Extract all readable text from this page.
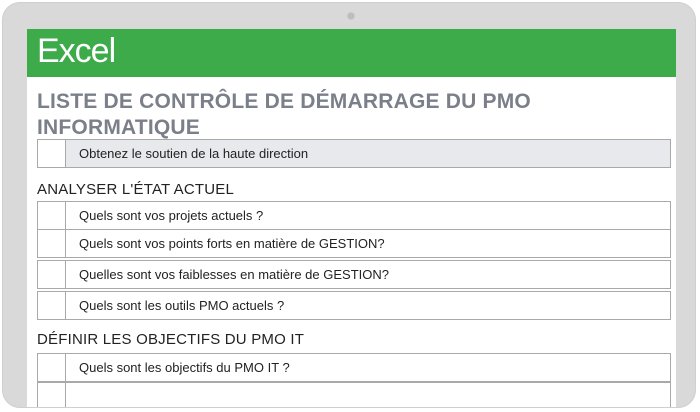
Excel
LISTE DE CONTRÔLE DE DÉMARRAGE DU PMO INFORMATIQUE
Obtenez le soutien de la haute direction
ANALYSER L'ÉTAT ACTUEL
Quels sont vos projets actuels ?
Quels sont vos points forts en matière de GESTION?
Quelles sont vos faiblesses en matière de GESTION?
Quels sont les outils PMO actuels ?
DÉFINIR LES OBJECTIFS DU PMO IT
Quels sont les objectifs du PMO IT ?
